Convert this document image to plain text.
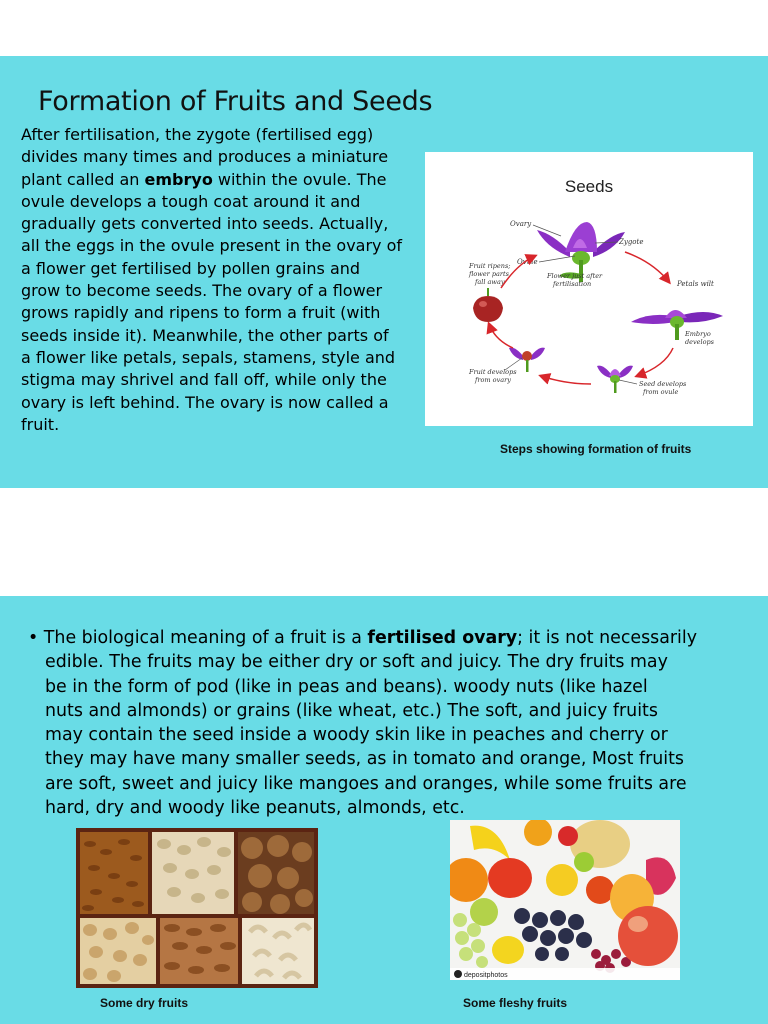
Formation of Fruits and Seeds

After fertilisation, the zygote (fertilised egg)
divides many times and produces a miniature
plant called an embryo within the ovule. The
ovule develops a tough coat around it and
gradually gets converted into seeds. Actually,
all the eggs in the ovule present in the ovary of
a flower get fertilised by pollen grains and
grow to become seeds. The ovary of a flower
grows rapidly and ripens to form a fruit (with
seeds inside it). Meanwhile, the other parts of
a flower like petals, sepals, stamens, style and
stigma may shrivel and fall off, while only the
ovary is left behind. The ovary is now called a
fruit.

Seeds
Ovary
Zygote
Ovule
Flower just after
fertilisation	Petals wilt
Embryo
develops
Seed develops
from ovule
Fruit develops
from ovary
Fruit ripens;
flower parts
fall away
Steps showing formation of fruits

• The biological meaning of a fruit is a fertilised ovary; it is not necessarily
edible. The fruits may be either dry or soft and juicy. The dry fruits may
be in the form of pod (like in peas and beans). woody nuts (like hazel
nuts and almonds) or grains (like wheat, etc.) The soft, and juicy fruits
may contain the seed inside a woody skin like in peaches and cherry or
they may have many smaller seeds, as in tomato and orange, Most fruits
are soft, sweet and juicy like mangoes and oranges, while some fruits are
hard, dry and woody like peanuts, almonds, etc.

depositphotos
Some dry fruits	Some fleshy fruits
